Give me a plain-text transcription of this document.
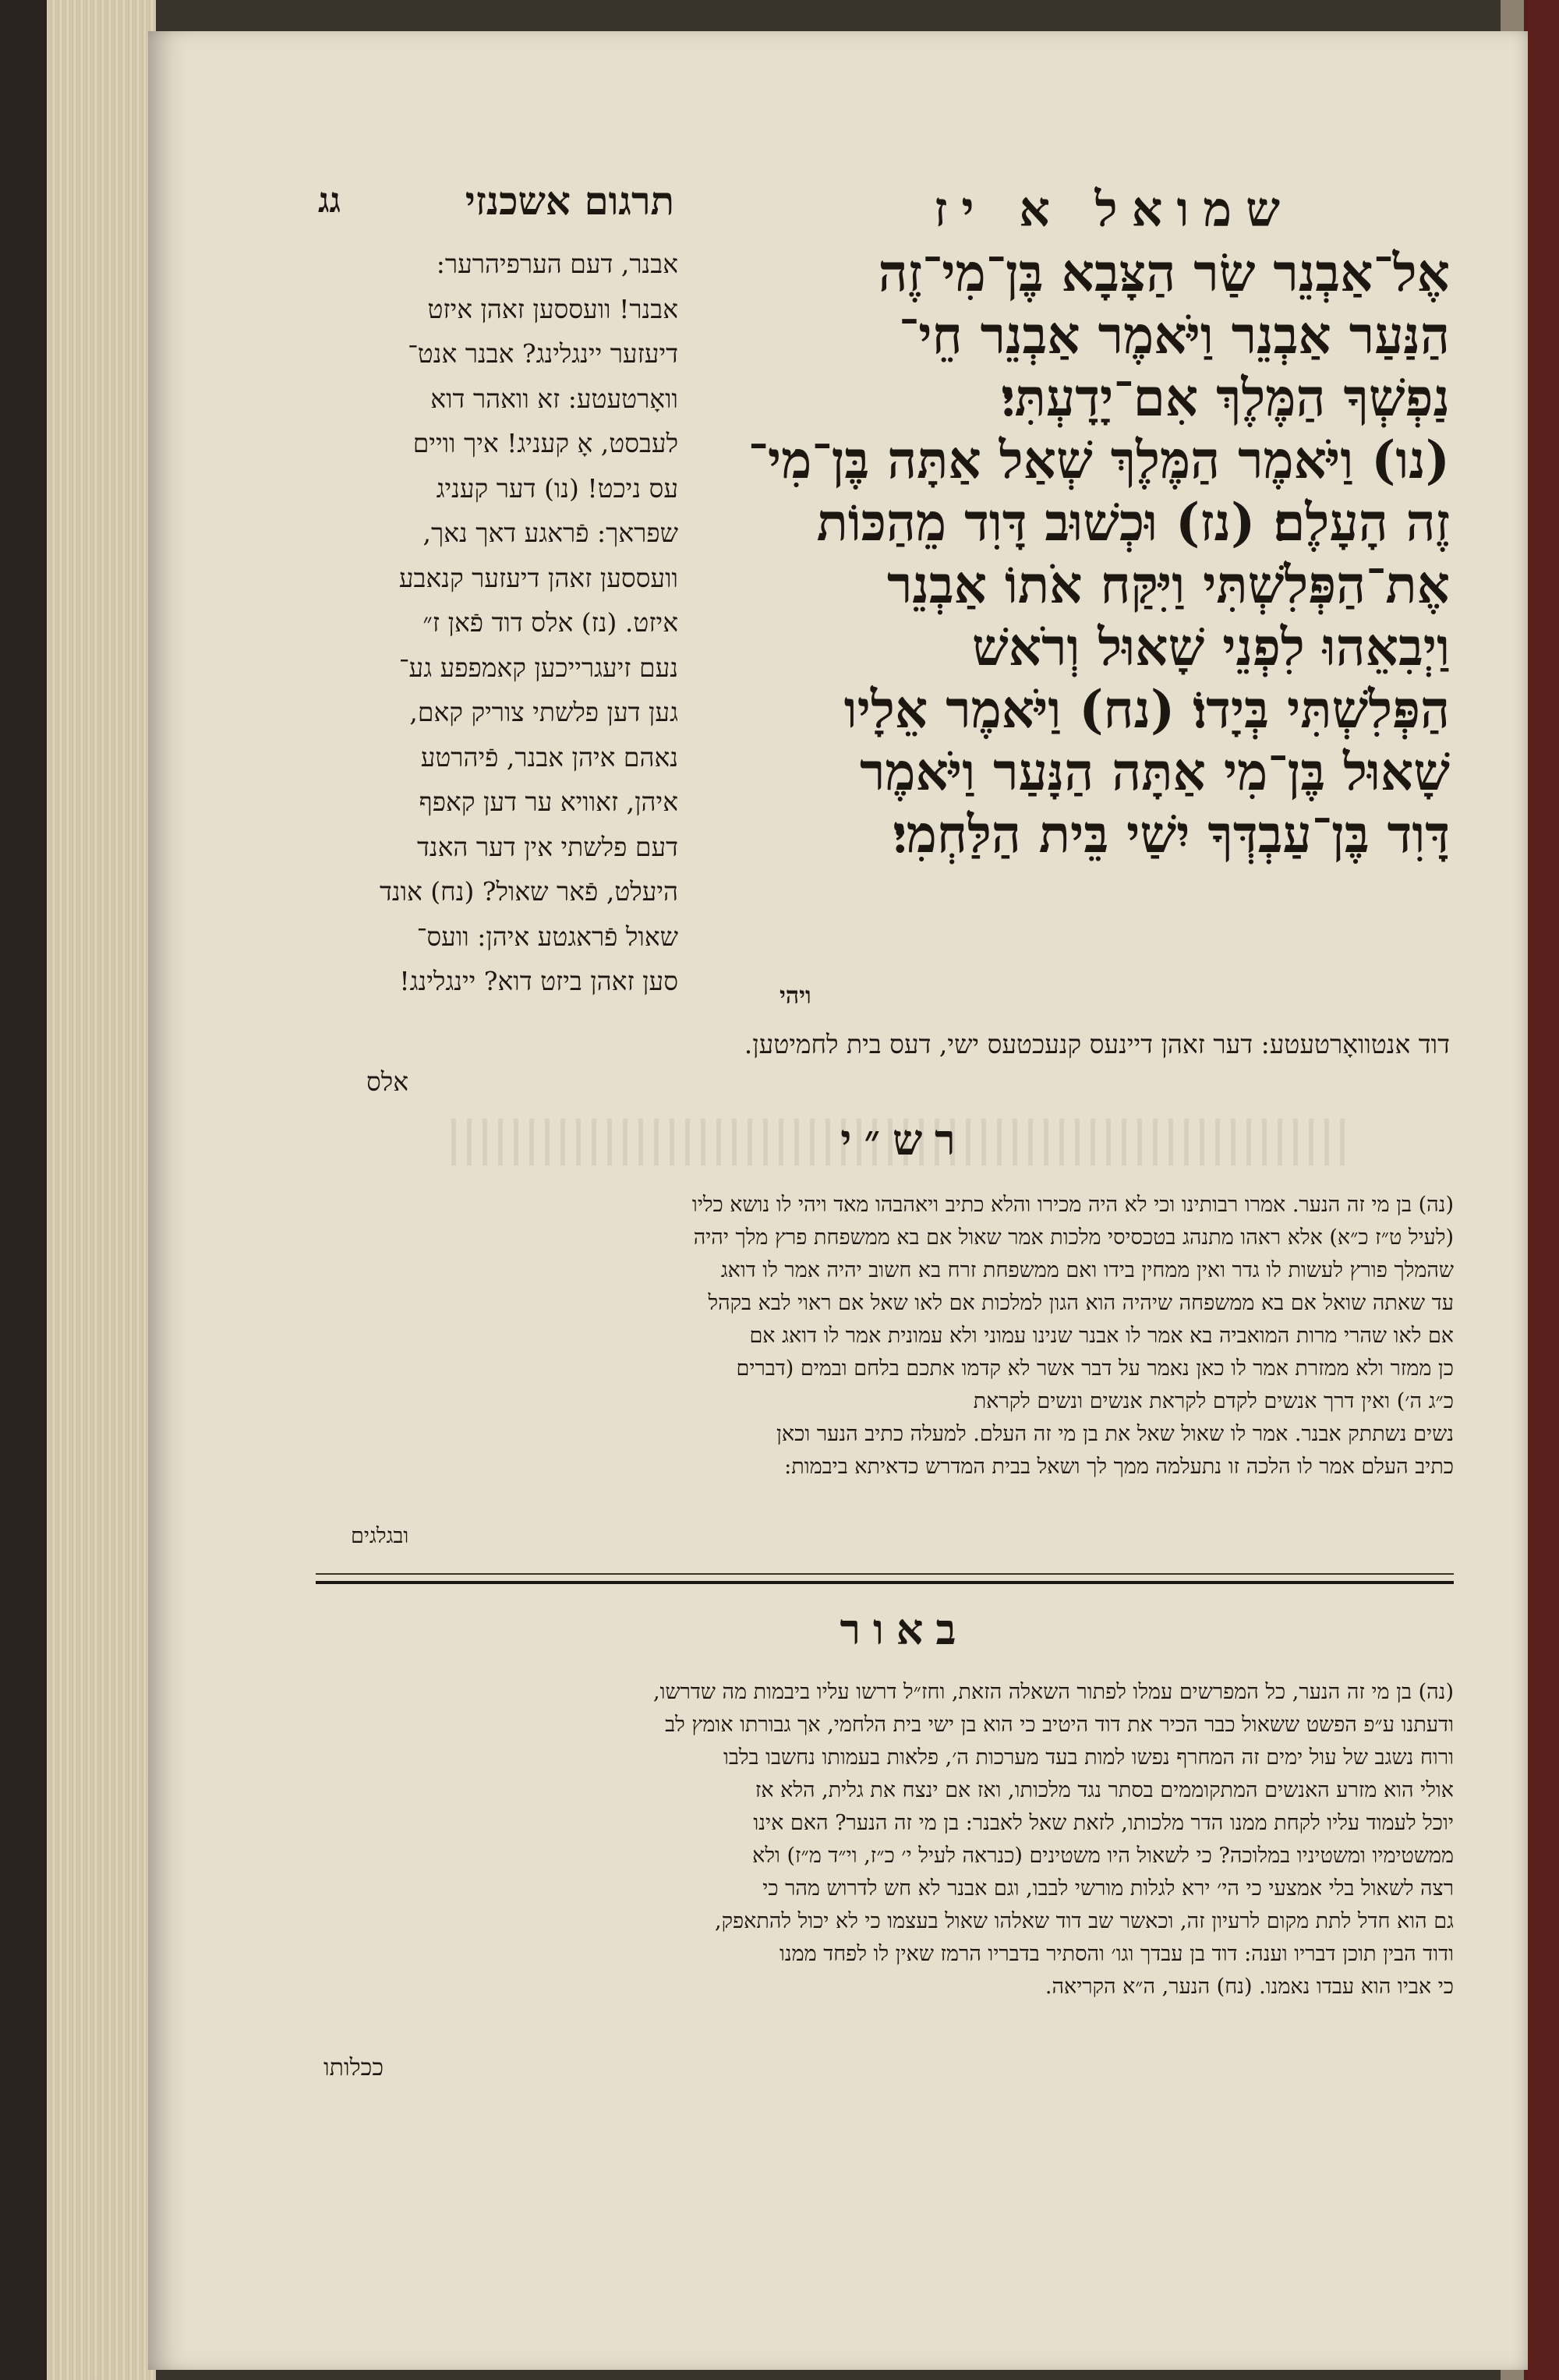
שמואל א יז
תרגום אשכנזי
גג
אֶל־אַבְנֵר שַׂר הַצָּבָא בֶּן־מִי־זֶה
הַנַּעַר אַבְנֵר וַיֹּאמֶר אַבְנֵר חֵי־
נַפְשְׁךָ הַמֶּלֶךְ אִם־יָדָעְתִּי׃
(נו) וַיֹּאמֶר הַמֶּלֶךְ שְׁאַל אַתָּה בֶּן־מִי־
זֶה הָעָלֶם׃ (נז) וּכְשׁוּב דָּוִד מֵהַכּוֹת
אֶת־הַפְּלִשְׁתִּי וַיִּקַּח אֹתוֹ אַבְנֵר
וַיְבִאֵהוּ לִפְנֵי שָׁאוּל וְרֹאשׁ
הַפְּלִשְׁתִּי בְּיָדוֹ׃ (נח) וַיֹּאמֶר אֵלָיו
שָׁאוּל בֶּן־מִי אַתָּה הַנָּעַר וַיֹּאמֶר
דָּוִד בֶּן־עַבְדְּךָ יִשַׁי בֵּית הַלַּחְמִי׃
ויהי
אבנר, דעם הערפיהרער:
אבנר! וועססען זאהן איזט
דיעזער יינגלינג? אבנר אנט־
וואָרטעטע: זא וואהר דוא
לעבסט, אָ קעניג! איך וויים
עס ניכט! (נו) דער קעניג
שפראך: פֿראגע דאך נאך,
וועססען זאהן דיעזער קנאבע
איזט. (נז) אלס דוד פֿאן ז״
נעם זיעגרייכען קאמפפע גע־
גען דען פלשתי צוריק קאם,
נאהם איהן אבנר, פֿיהרטע
איהן, זאוויא ער דען קאפף
דעם פלשתי אין דער האנד
היעלט, פֿאר שאול? (נח) אונד
שאול פֿראגטע איהן: וועס־
סען זאהן ביזט דוא? יינגלינג!
דוד אנטוואָרטעטע: דער זאהן דיינעס קנעכטעס ישי, דעס בית לחמיטען.
אלס
רש״י
(נה) בן מי זה הנער. אמרו רבותינו וכי לא היה מכירו והלא כתיב ויאהבהו מאד ויהי לו נושא כליו
(לעיל ט״ז כ״א) אלא ראהו מתנהג בטכסיסי מלכות אמר שאול אם בא ממשפחת פרץ מלך יהיה
שהמלך פורץ לעשות לו גדר ואין ממחין בידו ואם ממשפחת זרח בא חשוב יהיה אמר לו דואג
עד שאתה שואל אם בא ממשפחה שיהיה הוא הגון למלכות אם לאו שאל אם ראוי לבא בקהל
אם לאו שהרי מרות המואביה בא אמר לו אבנר שנינו עמוני ולא עמונית אמר לו דואג אם
כן ממזר ולא ממזרת אמר לו כאן נאמר על דבר אשר לא קדמו אתכם בלחם ובמים (דברים
כ״ג ה׳) ואין דרך אנשים לקדם לקראת אנשים ונשים לקראת
נשים נשתתק אבנר. אמר לו שאול שאל את בן מי זה העלם. למעלה כתיב הנער וכאן
כתיב העלם אמר לו הלכה זו נתעלמה ממך לך ושאל בבית המדרש כדאיתא ביבמות:
ובגלגים
באור
(נה) בן מי זה הנער, כל המפרשים עמלו לפתור השאלה הזאת, וחז״ל דרשו עליו ביבמות מה שדרשו,
ודעתנו ע״פ הפשט ששאול כבר הכיר את דוד היטיב כי הוא בן ישי בית הלחמי, אך גבורתו אומץ לב
ורוח נשגב של עול ימים זה המחרף נפשו למות בעד מערכות ה׳, פלאות בעמותו נחשבו בלבו
אולי הוא מזרע האנשים המתקוממים בסתר נגד מלכותו, ואז אם ינצח את גלית, הלא אז
יוכל לעמוד עליו לקחת ממנו הדר מלכותו, לזאת שאל לאבנר: בן מי זה הנער? האם אינו
ממשטימיו ומשטיניו במלוכה? כי לשאול היו משטינים (כנראה לעיל י׳ כ״ז, וי״ד מ״ז) ולא
רצה לשאול בלי אמצעי כי הי׳ ירא לגלות מורשי לבבו, וגם אבנר לא חש לדרוש מהר כי
גם הוא חדל לתת מקום לרעיון זה, וכאשר שב דוד שאלהו שאול בעצמו כי לא יכול להתאפק,
ודוד הבין תוכן דבריו וענה: דוד בן עבדך וגו׳ והסתיר בדבריו הרמז שאין לו לפחד ממנו
כי אביו הוא עבדו נאמנו. (נח) הנער, ה״א הקריאה.
ככלותו
